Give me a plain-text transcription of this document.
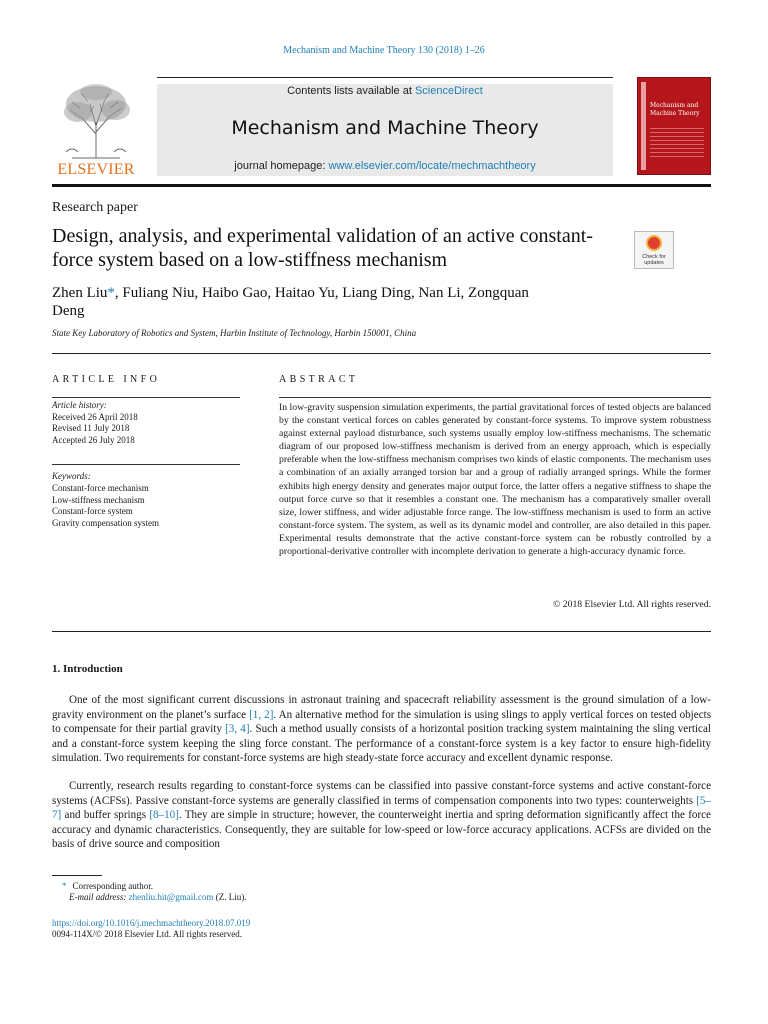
Mechanism and Machine Theory 130 (2018) 1–26
ELSEVIER
Contents lists available at ScienceDirect
Mechanism and Machine Theory
journal homepage: www.elsevier.com/locate/mechmachtheory
Mechanism and Machine Theory
Research paper
Design, analysis, and experimental validation of an active constant-force system based on a low-stiffness mechanism	Check for updates
Zhen Liu*, Fuliang Niu, Haibo Gao, Haitao Yu, Liang Ding, Nan Li, Zongquan Deng
State Key Laboratory of Robotics and System, Harbin Institute of Technology, Harbin 150001, China
ARTICLE INFO	ABSTRACT
Article history:
Received 26 April 2018
Revised 11 July 2018
Accepted 26 July 2018
Keywords:
Constant-force mechanism
Low-stiffness mechanism
Constant-force system
Gravity compensation system
In low-gravity suspension simulation experiments, the partial gravitational forces of tested objects are balanced by the constant vertical forces on cables generated by constant-force systems. To improve system robustness against external payload disturbance, such systems usually employ low-stiffness mechanisms. The schematic diagram of our proposed low-stiffness mechanism is derived from an energy approach, which is especially preferable when the low-stiffness mechanism comprises two kinds of elastic components. The mechanism uses a combination of an axially arranged torsion bar and a group of radially arranged springs. While the former exhibits high energy density and generates major output force, the latter offers a negative stiffness to shape the output force curve so that it resembles a constant one. The mechanism has a comparatively smaller overall size, lower stiffness, and wider adjustable force range. The low-stiffness mechanism is used to form an active constant-force system. The system, as well as its dynamic model and controller, are also detailed in this paper. Experimental results demonstrate that the active constant-force system can be robustly controlled by a proportional-derivative controller with incomplete derivation to generate a high-accuracy dynamic force.
© 2018 Elsevier Ltd. All rights reserved.
1. Introduction
One of the most significant current discussions in astronaut training and spacecraft reliability assessment is the ground simulation of a low-gravity environment on the planet’s surface [1, 2]. An alternative method for the simulation is using slings to apply vertical forces on tested objects to compensate for their partial gravity [3, 4]. Such a method usually consists of a horizontal position tracking system maintaining the sling vertical and a constant-force system keeping the sling force constant. The performance of a constant-force system is a key factor to ensure high-fidelity simulation. Two requirements for constant-force systems are high steady-state force accuracy and excellent dynamic response.
Currently, research results regarding to constant-force systems can be classified into passive constant-force systems and active constant-force systems (ACFSs). Passive constant-force systems are generally classified in terms of compensation components into two types: counterweights [5–7] and buffer springs [8–10]. They are simple in structure; however, the counterweight inertia and spring deformation significantly affect the force accuracy and dynamic characteristics. Consequently, they are suitable for low-speed or low-force accuracy applications. ACFSs are divided on the basis of drive source and composition
* Corresponding author.
E-mail address: zhenliu.hit@gmail.com (Z. Liu).
https://doi.org/10.1016/j.mechmachtheory.2018.07.019
0094-114X/© 2018 Elsevier Ltd. All rights reserved.
